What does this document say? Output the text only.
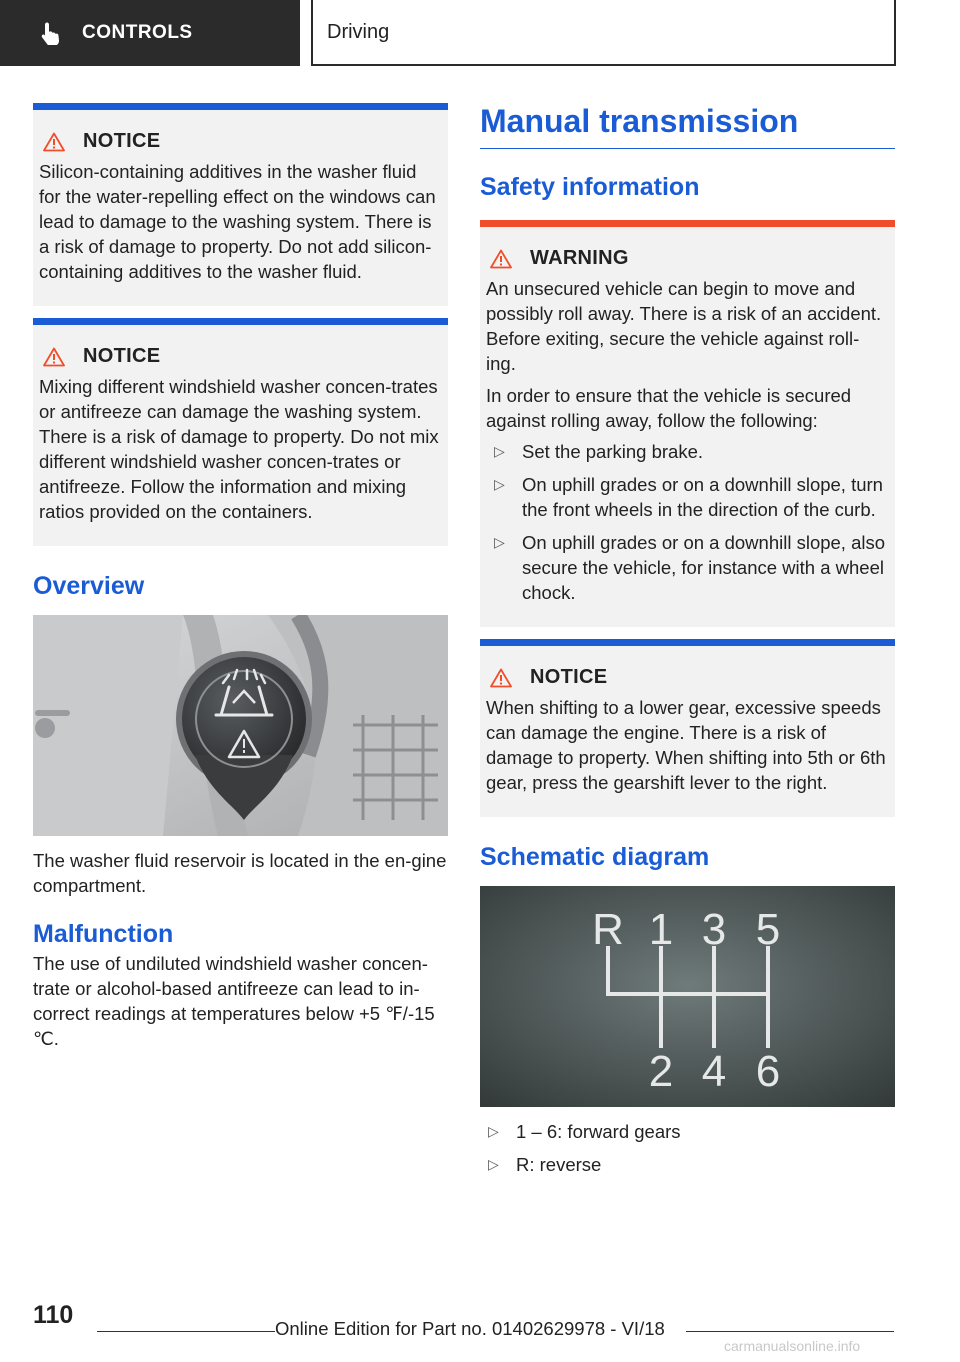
CONTROLS	Driving
NOTICE

Silicon-containing additives in the washer fluid for the water-repelling effect on the windows can lead to damage to the washing system. There is a risk of damage to property. Do not add silicon-containing additives to the washer fluid.

NOTICE

Mixing different windshield washer concen-trates or antifreeze can damage the washing system. There is a risk of damage to property. Do not mix different windshield washer concen-trates or antifreeze. Follow the information and mixing ratios provided on the containers.

Overview

The washer fluid reservoir is located in the en-gine compartment.

Malfunction

The use of undiluted windshield washer concen-trate or alcohol-based antifreeze can lead to in-correct readings at temperatures below +5 ℉/-15 ℃.

Manual transmission
Safety information
WARNING

An unsecured vehicle can begin to move and possibly roll away. There is a risk of an accident. Before exiting, secure the vehicle against roll-ing.

In order to ensure that the vehicle is secured against rolling away, follow the following:

▷ Set the parking brake.
▷ On uphill grades or on a downhill slope, turn the front wheels in the direction of the curb.
▷ On uphill grades or on a downhill slope, also secure the vehicle, for instance with a wheel chock.
NOTICE

When shifting to a lower gear, excessive speeds can damage the engine. There is a risk of damage to property. When shifting into 5th or 6th gear, press the gearshift lever to the right.

Schematic diagram
R 1 3 5
2 4 6
▷ 1 – 6: forward gears
▷ R: reverse
110	Online Edition for Part no. 01402629978 - VI/18
carmanualsonline.info
